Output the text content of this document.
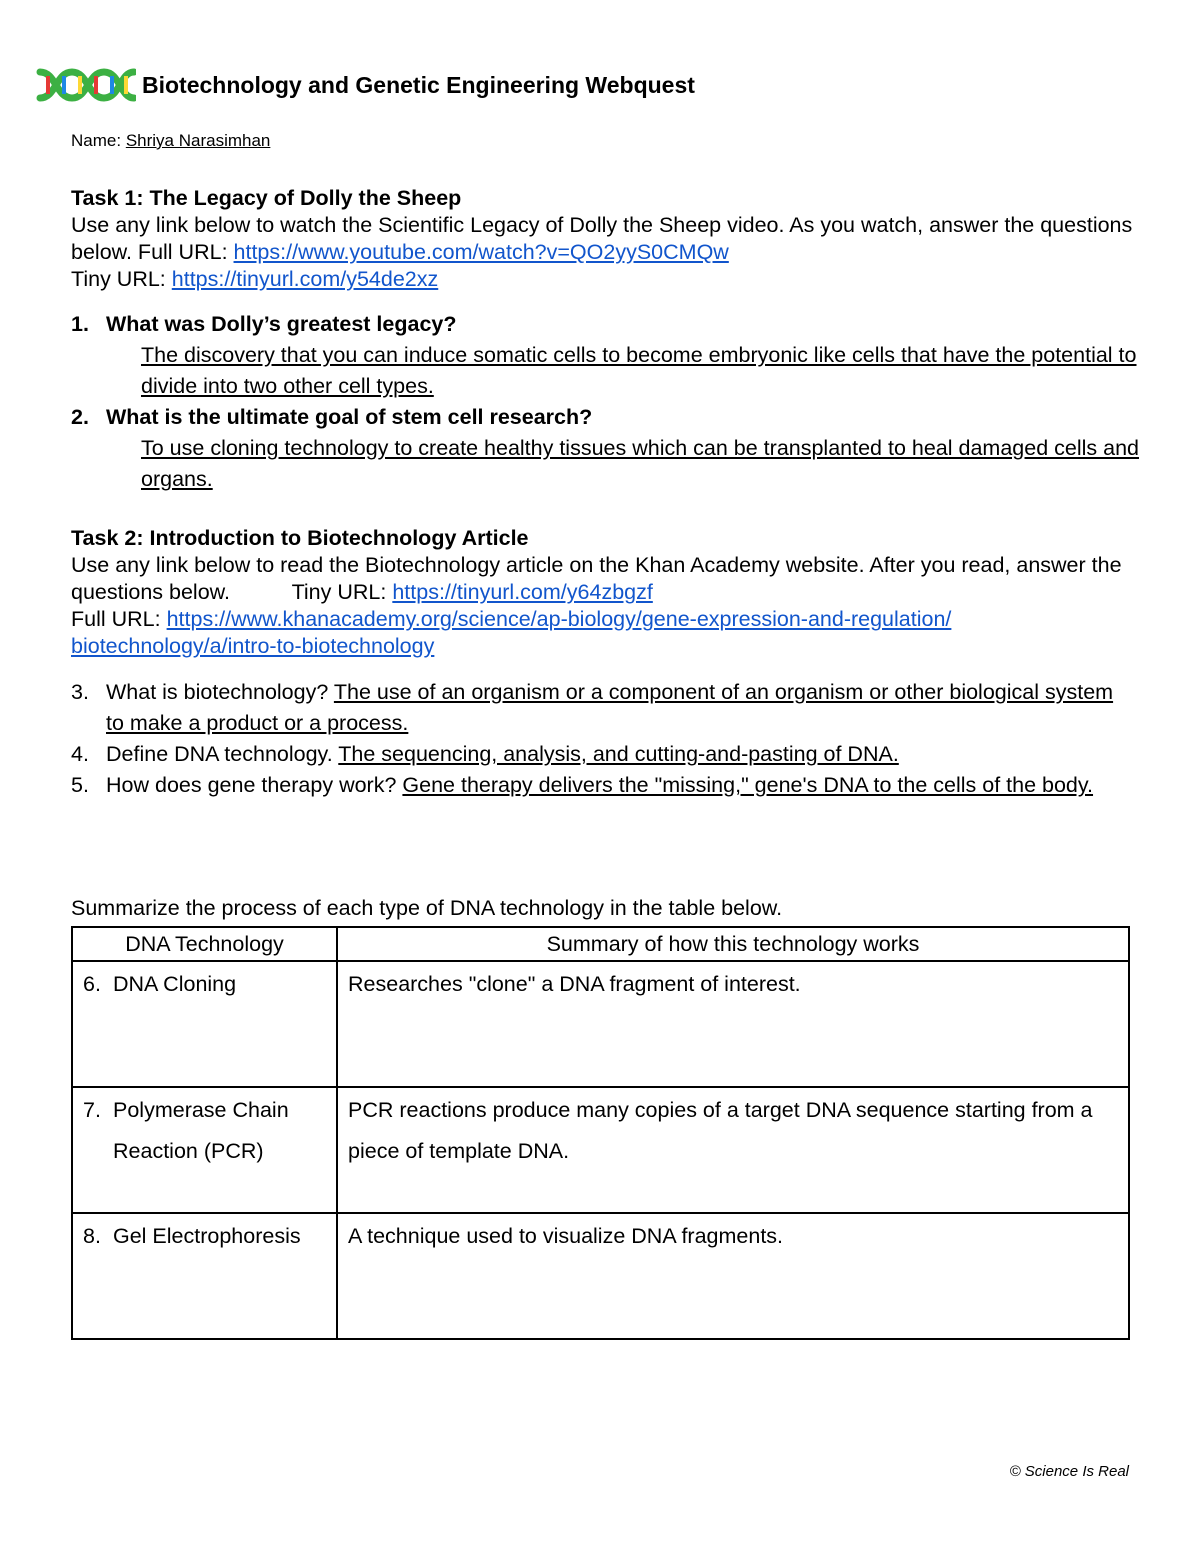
Biotechnology and Genetic Engineering Webquest
Name: Shriya Narasimhan
Task 1: The Legacy of Dolly the Sheep
Use any link below to watch the Scientific Legacy of Dolly the Sheep video. As you watch, answer the questions below. Full URL: https://www.youtube.com/watch?v=QO2yyS0CMQw
Tiny URL: https://tinyurl.com/y54de2xz
1. What was Dolly’s greatest legacy?
The discovery that you can induce somatic cells to become embryonic like cells that have the potential to divide into two other cell types.
2. What is the ultimate goal of stem cell research?
To use cloning technology to create healthy tissues which can be transplanted to heal damaged cells and organs.
Task 2: Introduction to Biotechnology Article
Use any link below to read the Biotechnology article on the Khan Academy website. After you read, answer the questions below.	Tiny URL: https://tinyurl.com/y64zbgzf
Full URL: https://www.khanacademy.org/science/ap-biology/gene-expression-and-regulation/
biotechnology/a/intro-to-biotechnology
3. What is biotechnology? The use of an organism or a component of an organism or other biological system to make a product or a process.
4. Define DNA technology. The sequencing, analysis, and cutting-and-pasting of DNA.
5. How does gene therapy work? Gene therapy delivers the "missing," gene's DNA to the cells of the body.
Summarize the process of each type of DNA technology in the table below.
DNA Technology	Summary of how this technology works

6. DNA Cloning	Researches "clone" a DNA fragment of interest.

7. Polymerase Chain Reaction (PCR)	PCR reactions produce many copies of a target DNA sequence starting from a piece of template DNA.

8. Gel Electrophoresis	A technique used to visualize DNA fragments.
© Science Is Real
